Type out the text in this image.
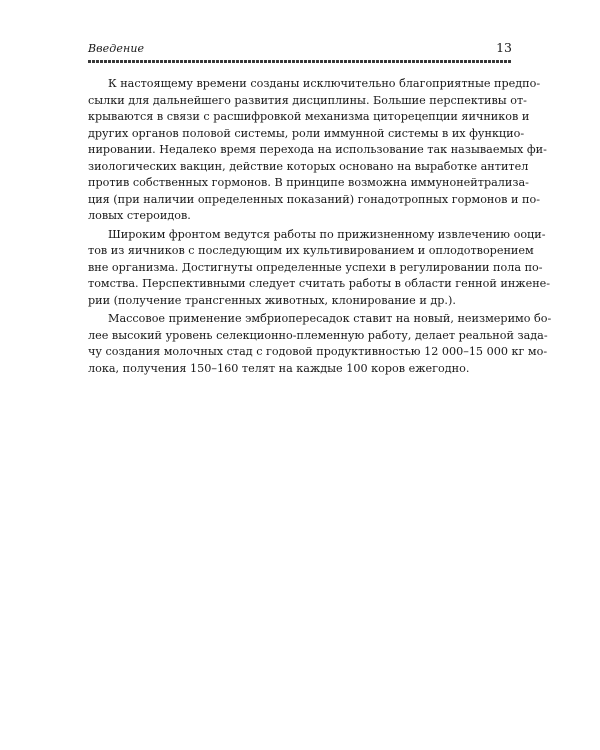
Введение	13
К настоящему времени созданы исключительно благоприятные предпо-
сылки для дальнейшего развития дисциплины. Большие перспективы от-
крываются в связи с расшифровкой механизма циторецепции яичников и
других органов половой системы, роли иммунной системы в их функцио-
нировании. Недалеко время перехода на использование так называемых фи-
зиологических вакцин, действие которых основано на выработке антител
против собственных гормонов. В принципе возможна иммунонейтрализа-
ция (при наличии определенных показаний) гонадотропных гормонов и по-
ловых стероидов.
Широким фронтом ведутся работы по прижизненному извлечению ооци-
тов из яичников с последующим их культивированием и оплодотворением
вне организма. Достигнуты определенные успехи в регулировании пола по-
томства. Перспективными следует считать работы в области генной инжене-
рии (получение трансгенных животных, клонирование и др.).
Массовое применение эмбриопересадок ставит на новый, неизмеримо бо-
лее высокий уровень селекционно-племенную работу, делает реальной зада-
чу создания молочных стад с годовой продуктивностью 12 000–15 000 кг мо-
лока, получения 150–160 телят на каждые 100 коров ежегодно.
